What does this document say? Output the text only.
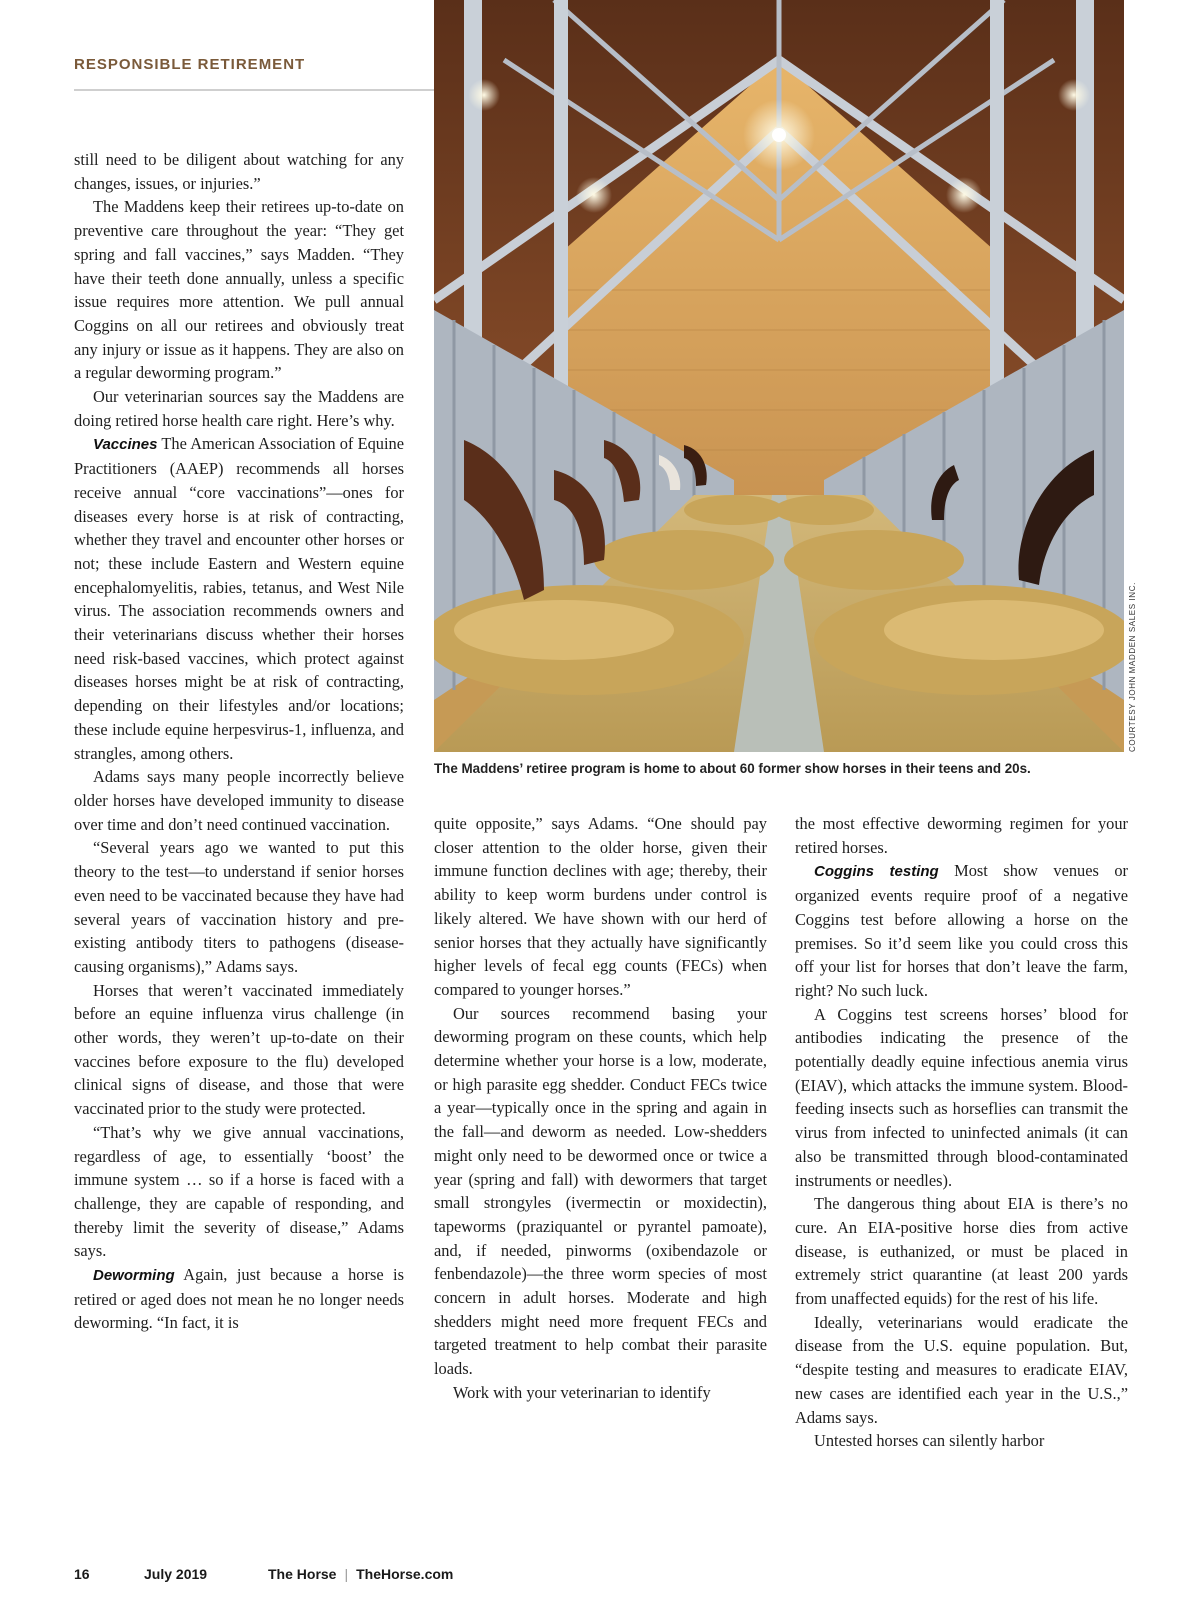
RESPONSIBLE RETIREMENT
COURTESY JOHN MADDEN SALES INC.
The Maddens’ retiree program is home to about 60 former show horses in their teens and 20s.

still need to be diligent about watching for any changes, issues, or injuries.”

The Maddens keep their retirees up-to-date on preventive care throughout the year: “They get spring and fall vaccines,” says Madden. “They have their teeth done annually, unless a specific issue requires more attention. We pull annual Coggins on all our retirees and obviously treat any injury or issue as it happens. They are also on a regular deworming program.”

Our veterinarian sources say the Maddens are doing retired horse health care right. Here’s why.

Vaccines The American Association of Equine Practitioners (AAEP) recommends all horses receive annual “core vaccinations”—ones for diseases every horse is at risk of contracting, whether they travel and encounter other horses or not; these include Eastern and Western equine encephalomyelitis, rabies, tetanus, and West Nile virus. The association recommends owners and their veterinarians discuss whether their horses need risk-based vaccines, which protect against diseases horses might be at risk of contracting, depending on their lifestyles and/or locations; these include equine herpesvirus-1, influenza, and strangles, among others.

Adams says many people incorrectly believe older horses have developed immunity to disease over time and don’t need continued vaccination.

“Several years ago we wanted to put this theory to the test—to understand if senior horses even need to be vaccinated because they have had several years of vaccination history and pre-existing antibody titers to pathogens (disease-causing organisms),” Adams says.

Horses that weren’t vaccinated immediately before an equine influenza virus challenge (in other words, they weren’t up-to-date on their vaccines before exposure to the flu) developed clinical signs of disease, and those that were vaccinated prior to the study were protected.

“That’s why we give annual vaccinations, regardless of age, to essentially ‘boost’ the immune system … so if a horse is faced with a challenge, they are capable of responding, and thereby limit the severity of disease,” Adams says.

Deworming Again, just because a horse is retired or aged does not mean he no longer needs deworming. “In fact, it is

quite opposite,” says Adams. “One should pay closer attention to the older horse, given their immune function declines with age; thereby, their ability to keep worm burdens under control is likely altered. We have shown with our herd of senior horses that they actually have significantly higher levels of fecal egg counts (FECs) when compared to younger horses.”

Our sources recommend basing your deworming program on these counts, which help determine whether your horse is a low, moderate, or high parasite egg shedder. Conduct FECs twice a year—typically once in the spring and again in the fall—and deworm as needed. Low-shedders might only need to be dewormed once or twice a year (spring and fall) with dewormers that target small strongyles (ivermectin or moxidectin), tapeworms (praziquantel or pyrantel pamoate), and, if needed, pinworms (oxibendazole or fenbendazole)—the three worm species of most concern in adult horses. Moderate and high shedders might need more frequent FECs and targeted treatment to help combat their parasite loads.

Work with your veterinarian to identify

the most effective deworming regimen for your retired horses.

Coggins testing Most show venues or organized events require proof of a negative Coggins test before allowing a horse on the premises. So it’d seem like you could cross this off your list for horses that don’t leave the farm, right? No such luck.

A Coggins test screens horses’ blood for antibodies indicating the presence of the potentially deadly equine infectious anemia virus (EIAV), which attacks the immune system. Blood-feeding insects such as horseflies can transmit the virus from infected to uninfected animals (it can also be transmitted through blood-contaminated instruments or needles).

The dangerous thing about EIA is there’s no cure. An EIA-positive horse dies from active disease, is euthanized, or must be placed in extremely strict quarantine (at least 200 yards from unaffected equids) for the rest of his life.

Ideally, veterinarians would eradicate the disease from the U.S. equine population. But, “despite testing and measures to eradicate EIAV, new cases are identified each year in the U.S.,” Adams says.

Untested horses can silently harbor

16	July 2019	The Horse | TheHorse.com
